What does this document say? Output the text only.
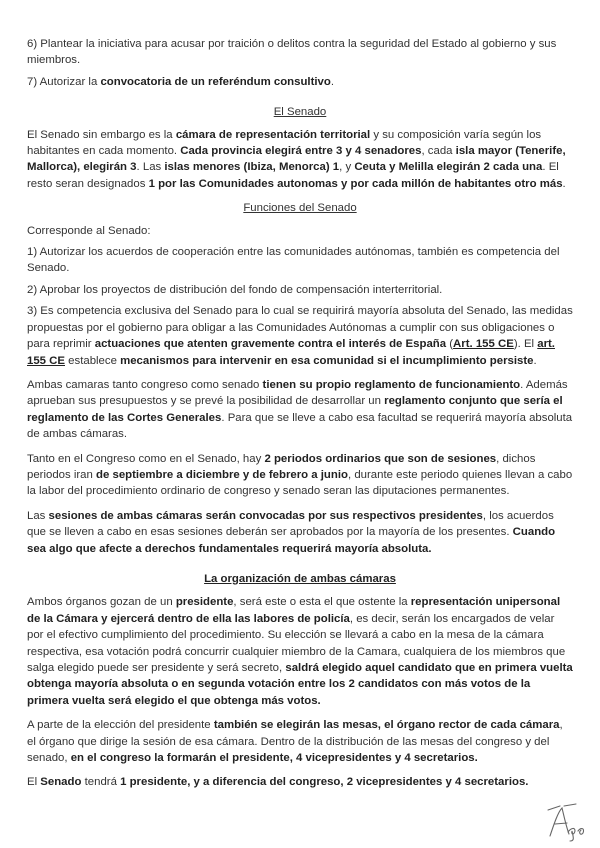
6) Plantear la iniciativa para acusar por traición o delitos contra la seguridad del Estado al gobierno y sus miembros.

7) Autorizar la convocatoria de un referéndum consultivo.

El Senado

El Senado sin embargo es la cámara de representación territorial y su composición varía según los habitantes en cada momento. Cada provincia elegirá entre 3 y 4 senadores, cada isla mayor (Tenerife, Mallorca), elegirán 3. Las islas menores (Ibiza, Menorca) 1, y Ceuta y Melilla elegirán 2 cada una. El resto seran designados 1 por las Comunidades autonomas y por cada millón de habitantes otro más.

Funciones del Senado

Corresponde al Senado:

1) Autorizar los acuerdos de cooperación entre las comunidades autónomas, también es competencia del Senado.

2) Aprobar los proyectos de distribución del fondo de compensación interterritorial.

3) Es competencia exclusiva del Senado para lo cual se requirirá mayoría absoluta del Senado, las medidas propuestas por el gobierno para obligar a las Comunidades Autónomas a cumplir con sus obligaciones o para reprimir actuaciones que atenten gravemente contra el interés de España (Art. 155 CE). El art. 155 CE establece mecanismos para intervenir en esa comunidad si el incumplimiento persiste.

Ambas camaras tanto congreso como senado tienen su propio reglamento de funcionamiento. Además aprueban sus presupuestos y se prevé la posibilidad de desarrollar un reglamento conjunto que sería el reglamento de las Cortes Generales. Para que se lleve a cabo esa facultad se requerirá mayoría absoluta de ambas cámaras.

Tanto en el Congreso como en el Senado, hay 2 periodos ordinarios que son de sesiones, dichos periodos iran de septiembre a diciembre y de febrero a junio, durante este periodo quienes llevan a cabo la labor del procedimiento ordinario de congreso y senado seran las diputaciones permanentes.

Las sesiones de ambas cámaras serán convocadas por sus respectivos presidentes, los acuerdos que se lleven a cabo en esas sesiones deberán ser aprobados por la mayoría de los presentes. Cuando sea algo que afecte a derechos fundamentales requerirá mayoría absoluta.

La organización de ambas cámaras

Ambos órganos gozan de un presidente, será este o esta el que ostente la representación unipersonal de la Cámara y ejercerá dentro de ella las labores de policía, es decir, serán los encargados de velar por el efectivo cumplimiento del procedimiento. Su elección se llevará a cabo en la mesa de la cámara respectiva, esa votación podrá concurrir cualquier miembro de la Camara, cualquiera de los miembros que salga elegido puede ser presidente y será secreto, saldrá elegido aquel candidato que en primera vuelta obtenga mayoría absoluta o en segunda votación entre los 2 candidatos con más votos de la primera vuelta será elegido el que obtenga más votos.

A parte de la elección del presidente también se elegirán las mesas, el órgano rector de cada cámara, el órgano que dirige la sesión de esa cámara. Dentro de la distribución de las mesas del congreso y del senado, en el congreso la formarán el presidente, 4 vicepresidentes y 4 secretarios.

El Senado tendrá 1 presidente, y a diferencia del congreso, 2 vicepresidentes y 4 secretarios.
